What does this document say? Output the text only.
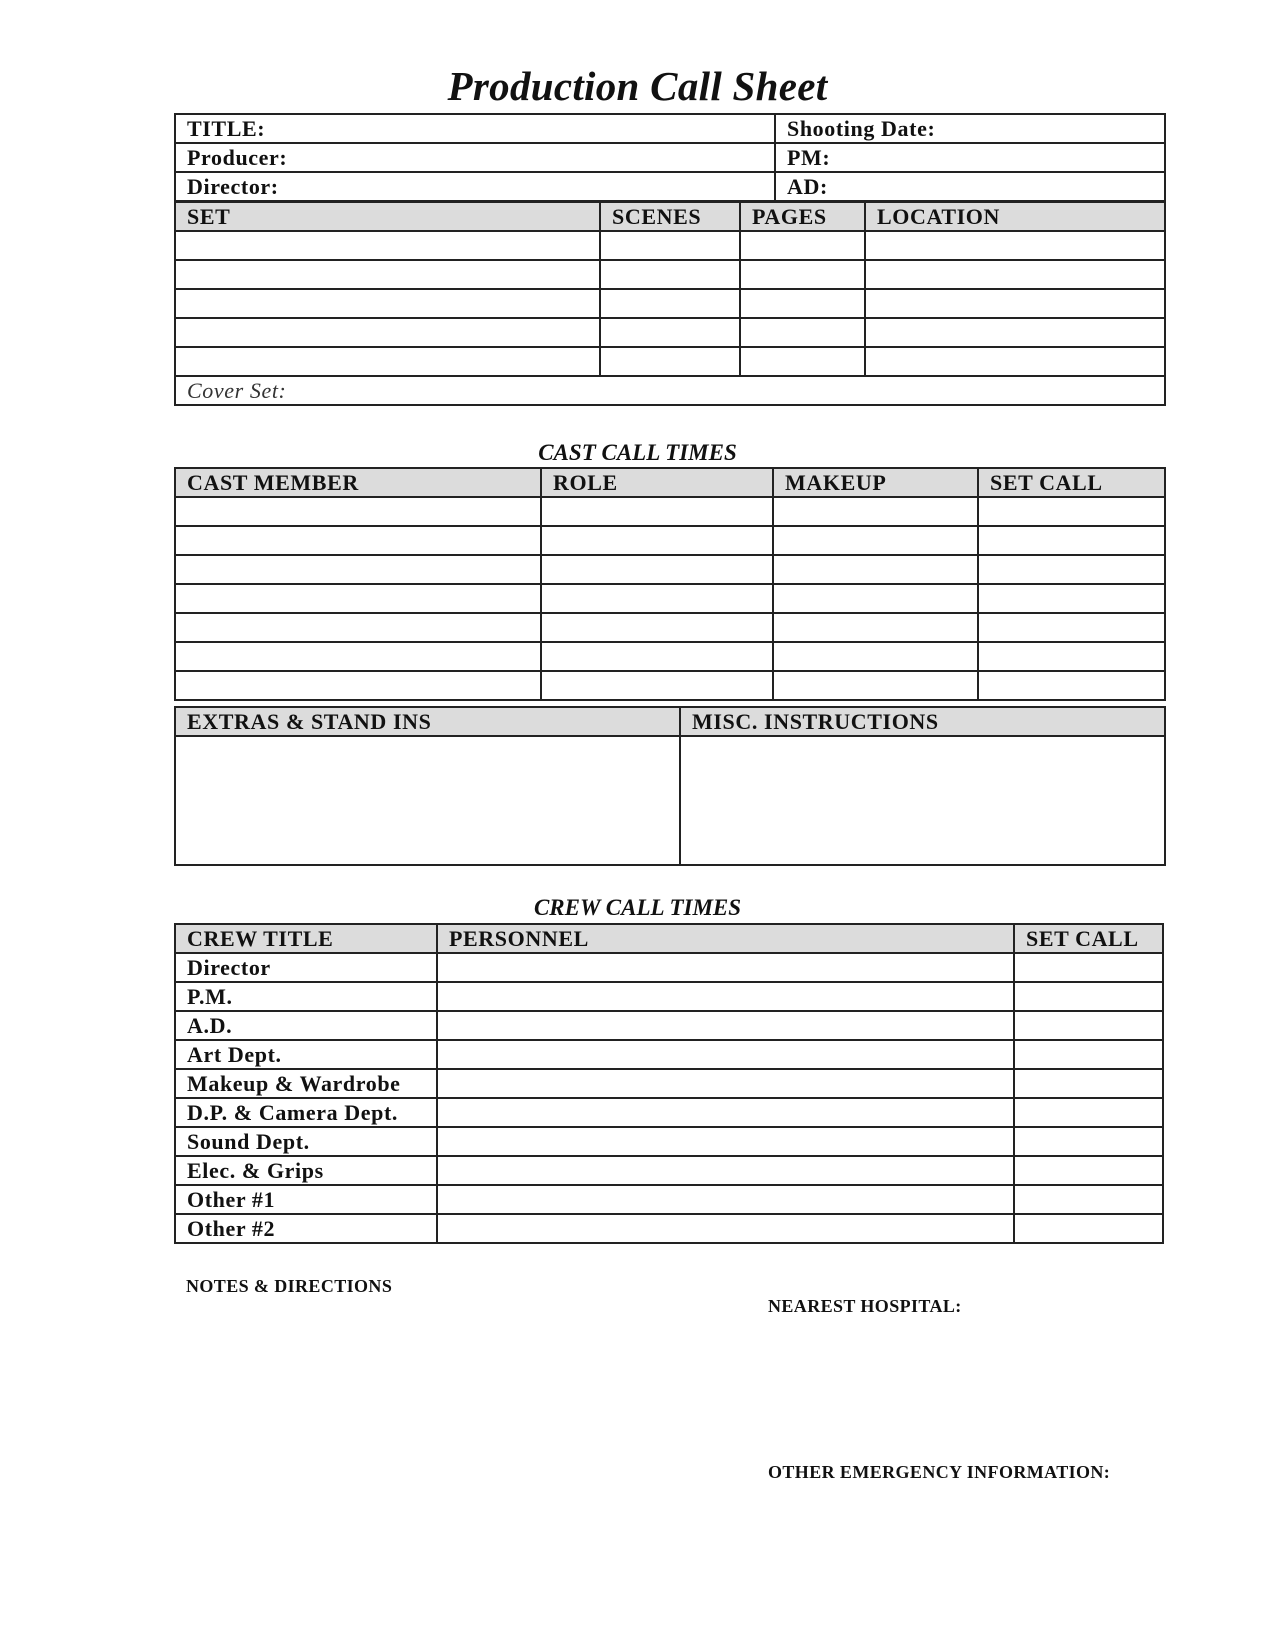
Production Call Sheet
TITLE:	Shooting Date:
Producer:	PM:
Director:	AD:
SET	SCENES	PAGES	LOCATION

Cover Set:			
CAST CALL TIMES
CAST MEMBER	ROLE	MAKEUP	SET CALL

EXTRAS & STAND INS	MISC. INSTRUCTIONS

CREW CALL TIMES
CREW TITLE	PERSONNEL	SET CALL
Director		
P.M.		
A.D.		
Art Dept.		
Makeup & Wardrobe		
D.P. & Camera Dept.		
Sound Dept.		
Elec. & Grips		
Other #1		
Other #2		
NOTES & DIRECTIONS
NEAREST HOSPITAL:
OTHER EMERGENCY INFORMATION:
